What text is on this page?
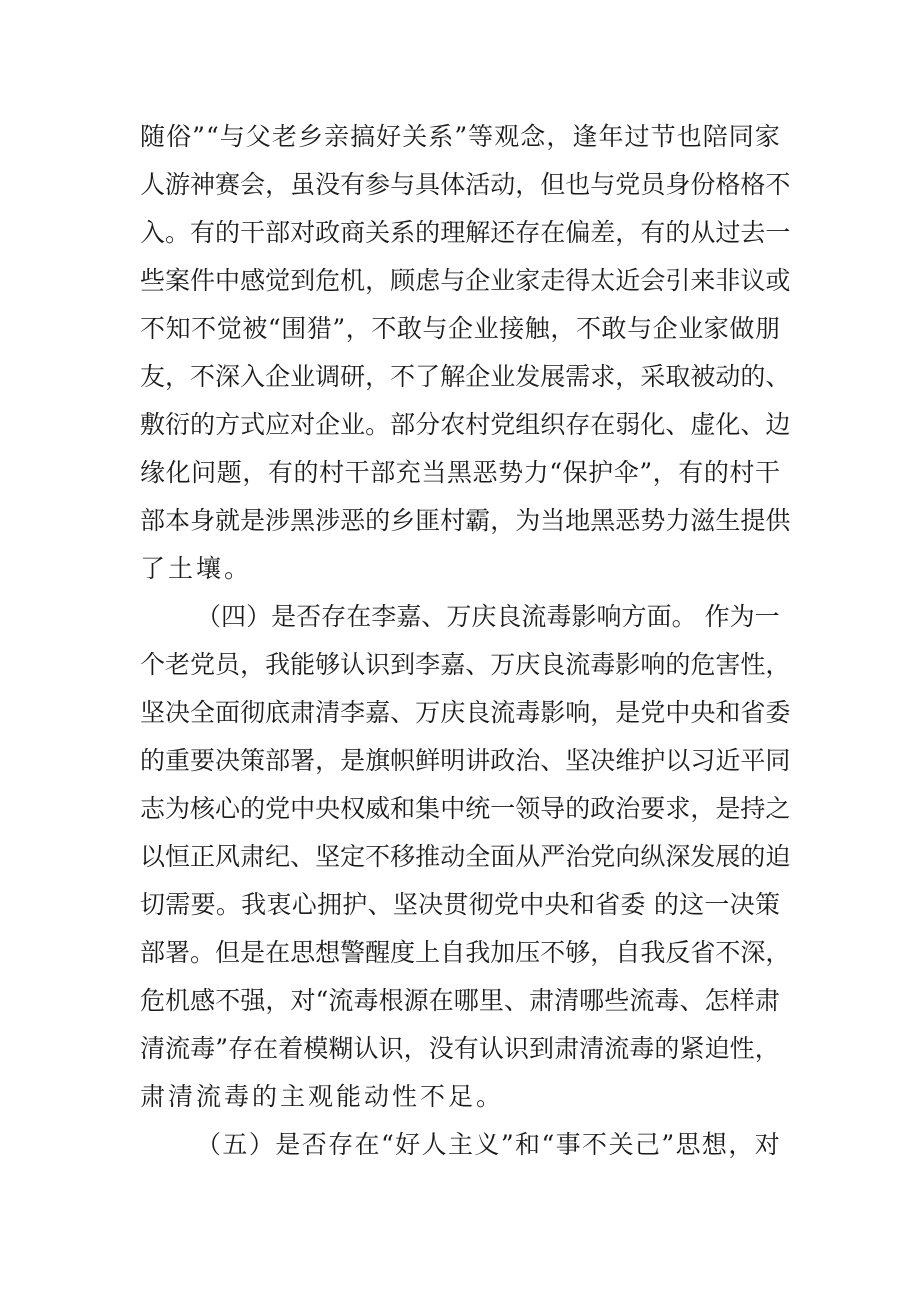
随 俗 ” “ 与 父 老 乡 亲 搞 好 关 系 ” 等 观 念 ， 逢 年 过 节 也 陪 同 家
人 游 神 赛 会 ， 虽 没 有 参 与 具 体 活 动 ， 但 也 与 党 员 身 份 格 格 不
入 。 有 的 干 部 对 政 商 关 系 的 理 解 还 存 在 偏 差 ， 有 的 从 过 去 一
些 案 件 中 感 觉 到 危 机 ， 顾 虑 与 企 业 家 走 得 太 近 会 引 来 非 议 或
不 知 不 觉 被 “ 围 猎 ” ， 不 敢 与 企 业 接 触 ， 不 敢 与 企 业 家 做 朋
友 ， 不 深 入 企 业 调 研 ， 不 了 解 企 业 发 展 需 求 ， 采 取 被 动 的 、
敷 衍 的 方 式 应 对 企 业 。 部 分 农 村 党 组 织 存 在 弱 化 、 虚 化 、 边
缘 化 问 题 ， 有 的 村 干 部 充 当 黑 恶 势 力 “ 保 护 伞 ” ， 有 的 村 干
部 本 身 就 是 涉 黑 涉 恶 的 乡 匪 村 霸 ， 为 当 地 黑 恶 势 力 滋 生 提 供
了土壤。
（ 四 ） 是 否 存 在 李 嘉 、 万 庆 良 流 毒 影 响 方 面 。
作 为 一
个 老 党 员 ， 我 能 够 认 识 到 李 嘉 、 万 庆 良 流 毒 影 响 的 危 害 性 ，
坚 决 全 面 彻 底 肃 清 李 嘉 、 万 庆 良 流 毒 影 响 ， 是 党 中 央 和 省 委
的 重 要 决 策 部 署 ， 是 旗 帜 鲜 明 讲 政 治 、 坚 决 维 护 以 习 近 平 同
志 为 核 心 的 党 中 央 权 威 和 集 中 统 一 领 导 的 政 治 要 求 ， 是 持 之
以 恒 正 风 肃 纪 、 坚 定 不 移 推 动 全 面 从 严 治 党 向 纵 深 发 展 的 迫
切 需 要 。 我 衷 心 拥 护 、 坚 决 贯 彻 党 中 央 和 省 委
的 这 一 决 策
部 署 。 但 是 在 思 想 警 醒 度 上 自 我 加 压 不 够 ， 自 我 反 省 不 深 ，
危 机 感 不 强 ， 对 “ 流 毒 根 源 在 哪 里 、 肃 清 哪 些 流 毒 、 怎 样 肃
清 流 毒 ” 存 在 着 模 糊 认 识 ， 没 有 认 识 到 肃 清 流 毒 的 紧 迫 性 ，
肃清流毒的主观能动性不足。
（ 五 ） 是 否 存 在 “ 好 人 主 义 ” 和 “ 事 不 关 己 ” 思 想 ， 对
